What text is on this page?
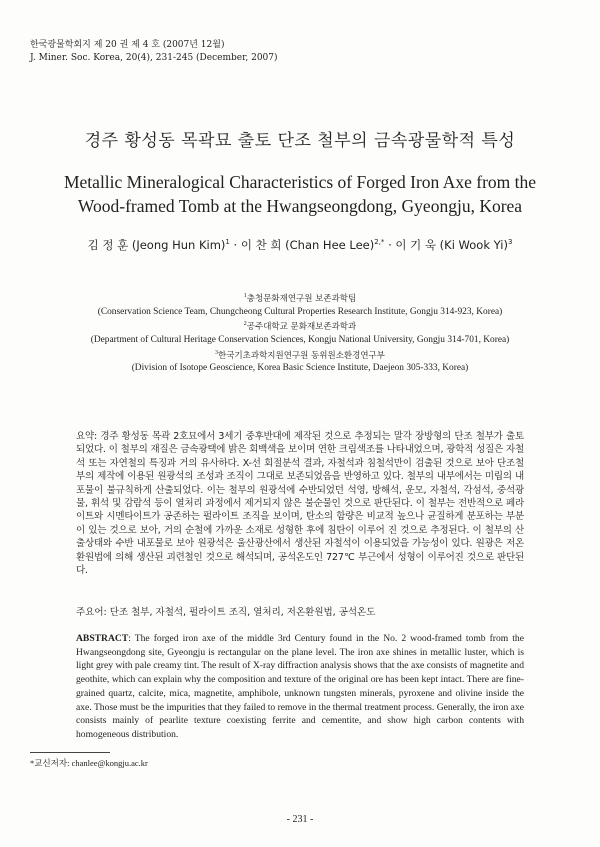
한국광물학회지 제 20 권 제 4 호 (2007년 12월)
J. Miner. Soc. Korea, 20(4), 231-245 (December, 2007)
경주 황성동 목곽묘 출토 단조 철부의 금속광물학적 특성
Metallic Mineralogical Characteristics of Forged Iron Axe from the
Wood-framed Tomb at the Hwangseongdong, Gyeongju, Korea
김 정 훈 (Jeong Hun Kim)$^1$ · 이 찬 희 (Chan Hee Lee)$^{2,*}$ · 이 기 욱 (Ki Wook Yi)$^3$
$^1$충청문화재연구원 보존과학팀
(Conservation Science Team, Chungcheong Cultural Properties Research Institute, Gongju 314-923, Korea)
$^2$공주대학교 문화재보존과학과
(Department of Cultural Heritage Conservation Sciences, Kongju National University, Gongju 314-701, Korea)
$^3$한국기초과학지원연구원 동위원소환경연구부
(Division of Isotope Geoscience, Korea Basic Science Institute, Daejeon 305-333, Korea)
요약: 경주 황성동 목곽 2호묘에서 3세기 중후반대에 제작된 것으로 추정되는 말각 장방형의 단조 철부가 출토되었다. 이 철부의 재질은 금속광택에 밝은 회백색을 보이며 연한 크림색조를 나타내었으며, 광학적 성질은 자철석 또는 자연철의 특징과 거의 유사하다. X-선 회절분석 결과, 자철석과 침철석만이 검출된 것으로 보아 단조철부의 제작에 이용된 원광석의 조성과 조직이 그대로 보존되었음을 반영하고 있다. 철부의 내부에서는 미립의 내포물이 불규칙하게 산출되었다. 이는 철부의 원광석에 수반되었던 석영, 방해석, 운모, 자철석, 각섬석, 중석광물, 휘석 및 감람석 등이 열처리 과정에서 제거되지 않은 불순물인 것으로 판단된다. 이 철부는 전반적으로 페라이트와 시멘타이트가 공존하는 펄라이트 조직을 보이며, 탄소의 함량은 비교적 높으나 균질하게 분포하는 부분이 있는 것으로 보아, 거의 순철에 가까운 소재로 성형한 후에 침탄이 이루어 진 것으로 추정된다. 이 철부의 산출상태와 수반 내포물로 보아 원광석은 울산광산에서 생산된 자철석이 이용되었을 가능성이 있다. 원광은 저온환원법에 의해 생산된 괴련철인 것으로 해석되며, 공석온도인 727℃ 부근에서 성형이 이루어진 것으로 판단된다.
주요어: 단조 철부, 자철석, 펄라이트 조직, 열처리, 저온환원법, 공석온도
ABSTRACT: The forged iron axe of the middle 3rd Century found in the No. 2 wood-framed tomb from the Hwangseongdong site, Gyeongju is rectangular on the plane level. The iron axe shines in metallic luster, which is light grey with pale creamy tint. The result of X-ray diffraction analysis shows that the axe consists of magnetite and geothite, which can explain why the composition and texture of the original ore has been kept intact. There are fine-grained quartz, calcite, mica, magnetite, amphibole, unknown tungsten minerals, pyroxene and olivine inside the axe. Those must be the impurities that they failed to remove in the thermal treatment process. Generally, the iron axe consists mainly of pearlite texture coexisting ferrite and cementite, and show high carbon contents with homogeneous distribution.
*교신저자: chanlee@kongju.ac.kr
- 231 -
